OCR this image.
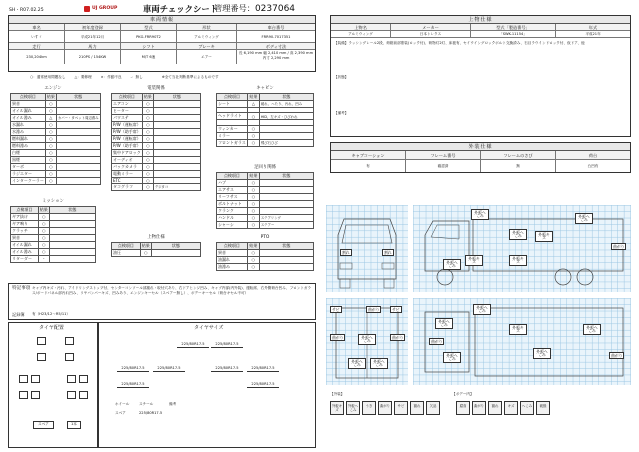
SH・R07.02.25	UJ GROUP	車両チェックシート
管理番号：0237064
車両情報
車名	初年度登録	型式	形状	車台番号
いすゞ	平成21年12月	PKG-FRR90T2	アルミウィング	FRR90-7017351
走行	馬力	シフト	ブレーキ	ボディ寸法
230,204km	210PS / 154KW	M/T 6速	エアー
長 6,190 mm 幅 2,410 mm / 高 2,390 mm 内寸 2,290 mm
○：通常使用問題なし	△：要修理	×：作動不良	-：無し	※全て当社判断基準によるものです
エンジン
点検項目	結果	状態
異音	○	
オイル漏れ	○	
オイル滲み	△	カバー・タペット周辺滲み
水漏れ	○	
水滲み	○	
燃料漏れ	○	
燃料滲み	○	
白煙	○	
黒煙	○	
ターボ	○	
ラジエター	○	
インタークーラー	○	
ミッション
点検項目	結果	状態
ギア抜け	○	
ギア鳴り	○	
クラッチ	○	
異音	○	
オイル漏れ	○	
オイル滲み	○	
リターダー	-	
電装関係
点検項目	結果	状態
エアコン	○	
ヒーター	○	
パワステ	○	
P/W（運転席）	○	
P/W（助手席）	○	
P/W（運転席）	○	
P/W（助手席）	○	
集中ドアロック	○	
オーディオ	○	
バックカメラ	○	
電動ミラー	○	
ETC	○	
タコグラフ	○	デジタコ
上物仕様
点検項目	結果	状態
油圧	○	
キャビン
点検項目	結果	状態
シート	△	破れ、へたり、汚れ、凹み

ヘッドライト	○	HID、左キズ・ひびわれ

ウィンカー	○	
ミラー	○	
フロントガラス	○	飛び石ひび
足回り関係
点検項目	結果	状態
ハブ	○	
エアサス	○	
リーフサス	○	
ボルトナット	○	
クランク	○	
ハンドル	○	ステアリング
シャーシ	○	ステアー
PTO
点検項目	結果	状態
異音	○	
油漏れ	○	
油滲み	○	
特記事項 キャブ内キズ・汚れ、アイドリングストップ付、センターコンソール部割れ・取付穴あり、右ドアヒンジ凹み、キャブ内部(内外装)、運転席、右外側荷台凹み、フロントガラス/ボードパネル部汚れ凹み、リヤバンパーキズ、凹みあり、エンジンキーセル（スペアー無し）、ボデーキーセル（荷台キセル不可）
記録簿 有（H23/12〜R5/11）
タイヤ配置
スペア	1本
タイヤサイズ
225/80R17.5	225/80R17.5
225/80R17.5	225/80R17.5	225/80R17.5	225/80R17.5
225/80R17.5	225/80R17.5
ホイール	スチール
スペア	225/80R17.5
備考
上物仕様
上物名	メーカー	型式「製造番号」	年式
アルミウィング	日本トレクス	「SWK-11154」	平成21年
【装備】ラッシングレール2段、荷箱前部塗装(ロック付)、荷物灯2灯、床板有、セイウイングロックボルト交換済み、石目ラウインドロック付、仮ドア、他
【状態】
【備考】
外装仕様
キャブコーション	フレーム番号	フレームのさび	荷台
有	確認済	無	凸凹有
割れ	割れ
外板へこみ
外板へこみ	外板キズ
外板へこみ
外板へこみ
外板キズ
外板キズ
曲がり
サビ	曲がり	サビ
曲がり	外板へこみ
曲がり
外板へこみ
外板へこみ
外板へこみ
外板へこみ
外板キズ
外板へこみ
曲がり
外板へこみ
外板へこみ	曲がり
【外装】	【ボデー内】
外板キズ
外板へこみ
うき	曲がり	サビ	割れ	欠品	腐食	曲がり	割れ	キズ	へこみ	破損
